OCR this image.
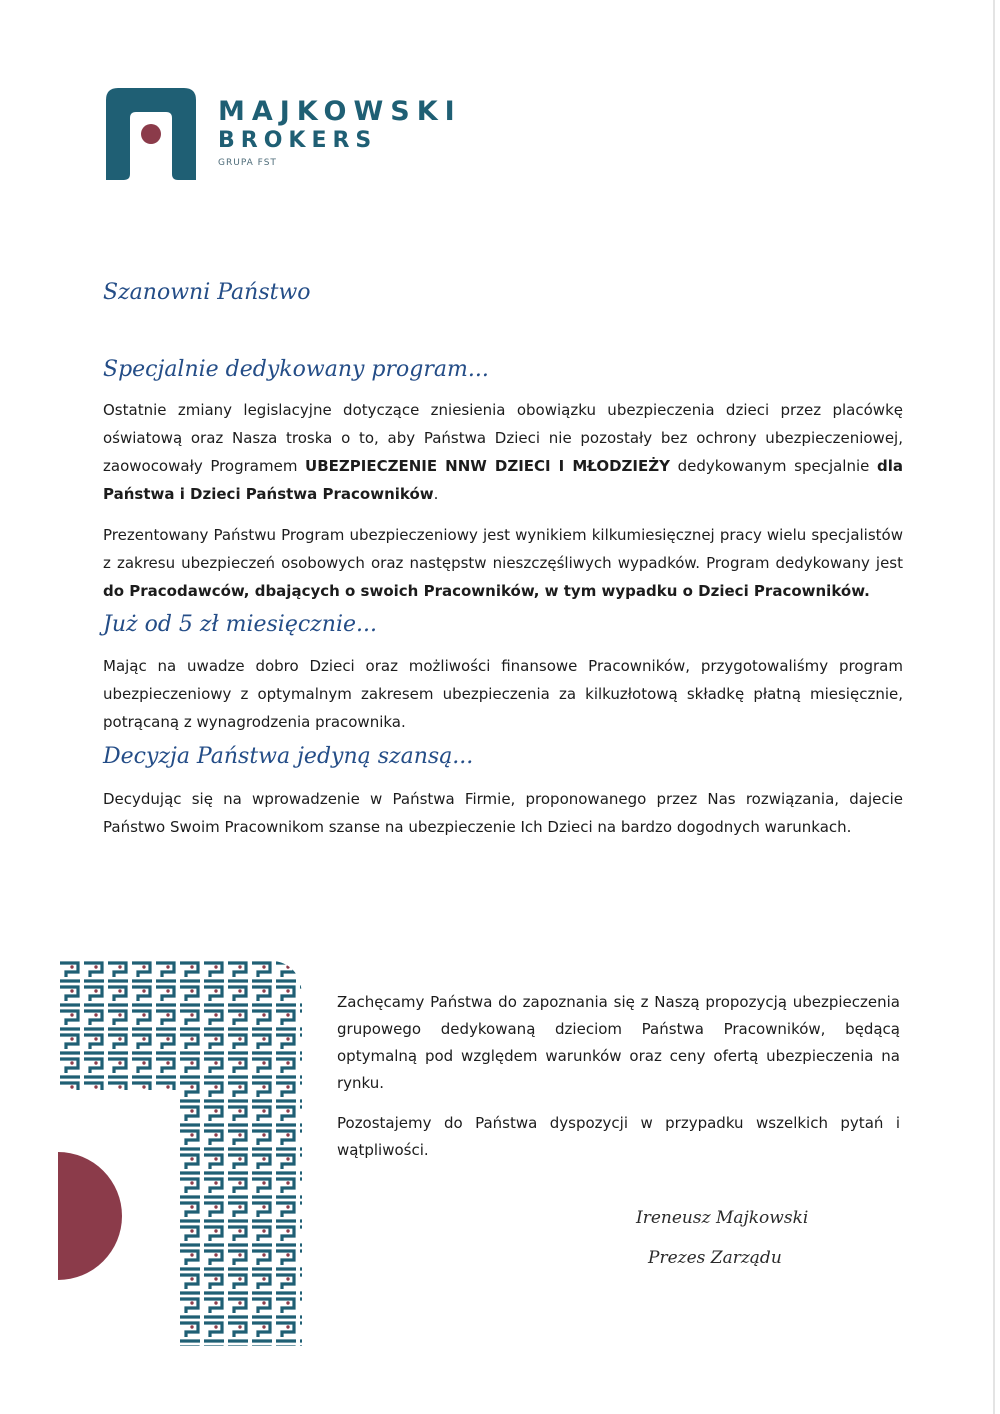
MAJKOWSKI
BROKERS
GRUPA FST
Szanowni Państwo
Specjalnie dedykowany program...
Ostatnie zmiany legislacyjne dotyczące zniesienia obowiązku ubezpieczenia dzieci przez placówkę oświatową oraz Nasza troska o to, aby Państwa Dzieci nie pozostały bez ochrony ubezpieczeniowej, zaowocowały Programem UBEZPIECZENIE NNW DZIECI I MŁODZIEŻY dedykowanym specjalnie dla Państwa i Dzieci Państwa Pracowników.
Prezentowany Państwu Program ubezpieczeniowy jest wynikiem kilkumiesięcznej pracy wielu specjalistów z zakresu ubezpieczeń osobowych oraz następstw nieszczęśliwych wypadków. Program dedykowany jest do Pracodawców, dbających o swoich Pracowników, w tym wypadku o Dzieci Pracowników.
Już od 5 zł miesięcznie...
Mając na uwadze dobro Dzieci oraz możliwości finansowe Pracowników, przygotowaliśmy program ubezpieczeniowy z optymalnym zakresem ubezpieczenia za kilkuzłotową składkę płatną miesięcznie, potrącaną z wynagrodzenia pracownika.
Decyzja Państwa jedyną szansą...
Decydując się na wprowadzenie w Państwa Firmie, proponowanego przez Nas rozwiązania, dajecie Państwo Swoim Pracownikom szanse na ubezpieczenie Ich Dzieci na bardzo dogodnych warunkach.
Zachęcamy Państwa do zapoznania się z Naszą propozycją ubezpieczenia grupowego dedykowaną dzieciom Państwa Pracowników, będącą optymalną pod względem warunków oraz ceny ofertą ubezpieczenia na rynku.
Pozostajemy do Państwa dyspozycji w przypadku wszelkich pytań i wątpliwości.
Ireneusz Majkowski
Prezes Zarządu
